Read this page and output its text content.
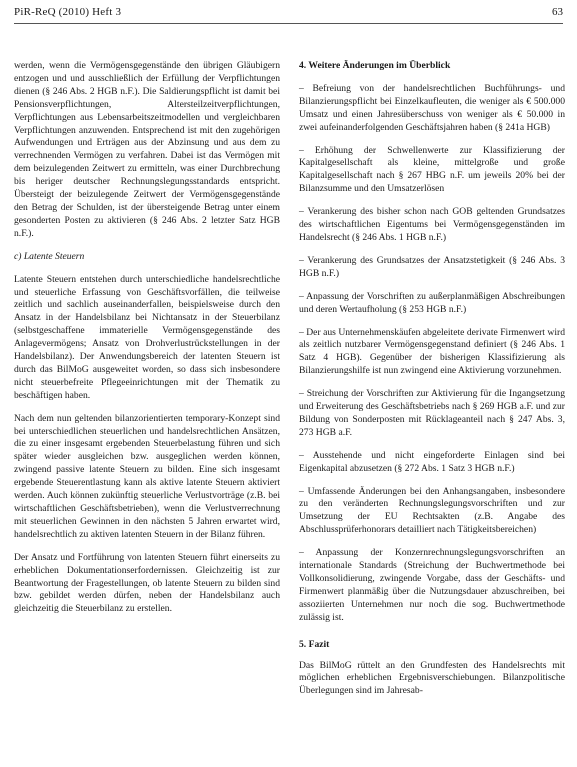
PiR-ReQ (2010) Heft 3	63

werden, wenn die Vermögensgegenstände den übrigen Gläubigern entzogen und und ausschließlich der Erfüllung der Verpflichtungen dienen (§ 246 Abs. 2 HGB n.F.). Die Saldierungspflicht ist damit bei Pensionsverpflichtungen, Altersteilzeitverpflichtungen, Verpflichtungen aus Lebensarbeitszeitmodellen und vergleichbaren Verpflichtungen anzuwenden. Entsprechend ist mit den zugehörigen Aufwendungen und Erträgen aus der Abzinsung und aus dem zu verrechnenden Vermögen zu verfahren. Dabei ist das Vermögen mit dem beizulegenden Zeitwert zu ermitteln, was einer Durchbrechung bis heriger deutscher Rechnungslegungsstandards entspricht. Übersteigt der beizulegende Zeitwert der Vermögensgegenstände den Betrag der Schulden, ist der übersteigende Betrag unter einem gesonderten Posten zu aktivieren (§ 246 Abs. 2 letzter Satz HGB n.F.).

c) Latente Steuern

Latente Steuern entstehen durch unterschiedliche handelsrechtliche und steuerliche Erfassung von Geschäftsvorfällen, die teilweise zeitlich und sachlich auseinanderfallen, beispielsweise durch den Ansatz in der Handelsbilanz bei Nichtansatz in der Steuerbilanz (selbstgeschaffene immaterielle Vermögensgegenstände des Anlagevermögens; Ansatz von Drohverlustrückstellungen in der Handelsbilanz). Der Anwendungsbereich der latenten Steuern ist durch das BilMoG ausgeweitet worden, so dass sich insbesondere nicht steuerbefreite Pflegeeinrichtungen mit der Thematik zu beschäftigen haben.

Nach dem nun geltenden bilanzorientierten temporary-Konzept sind bei unterschiedlichen steuerlichen und handelsrechtlichen Ansätzen, die zu einer insgesamt ergebenden Steuerbelastung führen und sich später wieder ausgleichen bzw. ausgeglichen werden können, zwingend passive latente Steuern zu bilden. Eine sich insgesamt ergebende Steuerentlastung kann als aktive latente Steuern aktiviert werden. Auch können zukünftig steuerliche Verlustvorträge (z.B. bei wirtschaftlichen Geschäftsbetrieben), wenn die Verlustverrechnung mit steuerlichen Gewinnen in den nächsten 5 Jahren erwartet wird, handelsrechtlich zu aktiven latenten Steuern in der Bilanz führen.

Der Ansatz und Fortführung von latenten Steuern führt einerseits zu erheblichen Dokumentationserfordernissen. Gleichzeitig ist zur Beantwortung der Fragestellungen, ob latente Steuern zu bilden sind bzw. gebildet werden dürfen, neben der Handelsbilanz auch gleichzeitig die Steuerbilanz zu erstellen.

4. Weitere Änderungen im Überblick

– Befreiung von der handelsrechtlichen Buchführungs- und Bilanzierungspflicht bei Einzelkaufleuten, die weniger als € 500.000 Umsatz und einen Jahresüberschuss von weniger als € 50.000 in zwei aufeinanderfolgenden Geschäftsjahren haben (§ 241a HGB)

– Erhöhung der Schwellenwerte zur Klassifizierung der Kapitalgesellschaft als kleine, mittelgroße und große Kapitalgesellschaft nach § 267 HBG n.F. um jeweils 20% bei der Bilanzsumme und den Umsatzerlösen

– Verankerung des bisher schon nach GOB geltenden Grundsatzes des wirtschaftlichen Eigentums bei Vermögensgegenständen im Handelsrecht (§ 246 Abs. 1 HGB n.F.)

– Verankerung des Grundsatzes der Ansatzstetigkeit (§ 246 Abs. 3 HGB n.F.)

– Anpassung der Vorschriften zu außerplanmäßigen Abschreibungen und deren Wertaufholung (§ 253 HGB n.F.)

– Der aus Unternehmenskäufen abgeleitete derivate Firmenwert wird als zeitlich nutzbarer Vermögensgegenstand definiert (§ 246 Abs. 1 Satz 4 HGB). Gegenüber der bisherigen Klassifizierung als Bilanzierungshilfe ist nun zwingend eine Aktivierung vorzunehmen.

– Streichung der Vorschriften zur Aktivierung für die Ingangsetzung und Erweiterung des Geschäftsbetriebs nach § 269 HGB a.F. und zur Bildung von Sonderposten mit Rücklageanteil nach § 247 Abs. 3, 273 HGB a.F.

– Ausstehende und nicht eingeforderte Einlagen sind bei Eigenkapital abzusetzen (§ 272 Abs. 1 Satz 3 HGB n.F.)

– Umfassende Änderungen bei den Anhangsangaben, insbesondere zu den veränderten Rechnungslegungsvorschriften und zur Umsetzung der EU Rechtsakten (z.B. Angabe des Abschlussprüferhonorars detailliert nach Tätigkeitsbereichen)

– Anpassung der Konzernrechnungslegungsvorschriften an internationale Standards (Streichung der Buchwertmethode bei Vollkonsolidierung, zwingende Vorgabe, dass der Geschäfts- und Firmenwert planmäßig über die Nutzungsdauer abzuschreiben, bei assoziierten Unternehmen nur noch die sog. Buchwertmethode zulässig ist.

5. Fazit

Das BilMoG rüttelt an den Grundfesten des Handelsrechts mit möglichen erheblichen Ergebnisverschiebungen. Bilanzpolitische Überlegungen sind im Jahresab-
